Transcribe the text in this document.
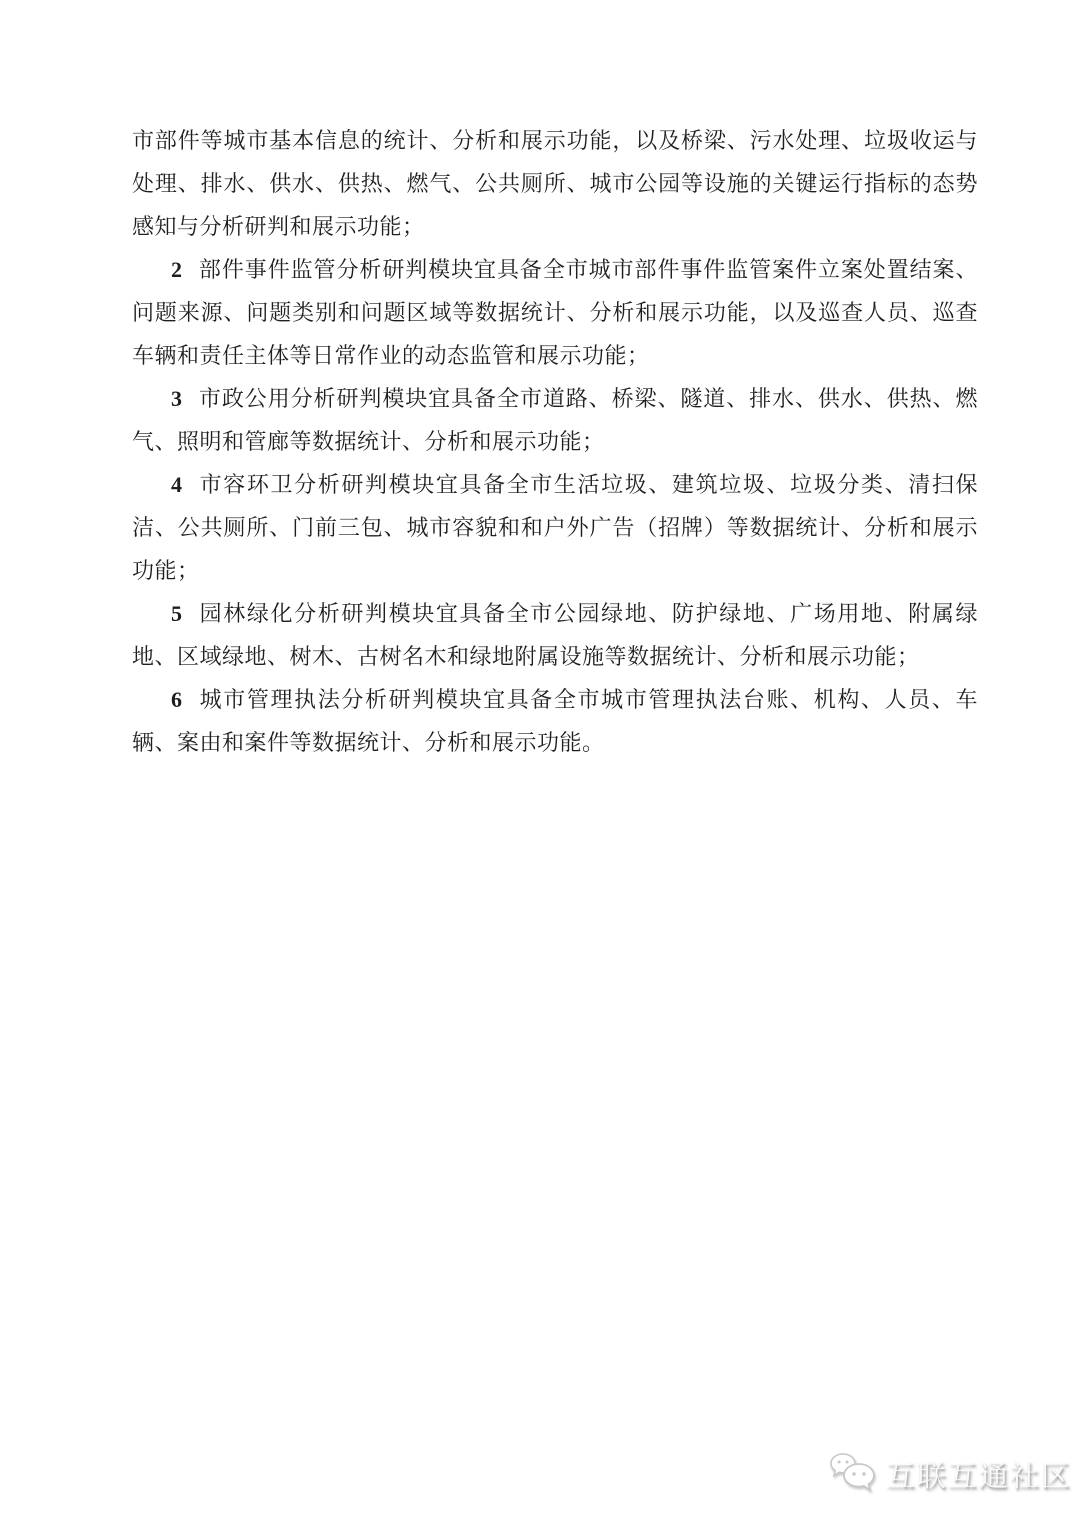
市部件等城市基本信息的统计、分析和展示功能，以及桥梁、污水处理、垃圾收运与处理、排水、供水、供热、燃气、公共厕所、城市公园等设施的关键运行指标的态势感知与分析研判和展示功能；

2 部件事件监管分析研判模块宜具备全市城市部件事件监管案件立案处置结案、问题来源、问题类别和问题区域等数据统计、分析和展示功能，以及巡查人员、巡查车辆和责任主体等日常作业的动态监管和展示功能；

3 市政公用分析研判模块宜具备全市道路、桥梁、隧道、排水、供水、供热、燃气、照明和管廊等数据统计、分析和展示功能；

4 市容环卫分析研判模块宜具备全市生活垃圾、建筑垃圾、垃圾分类、清扫保洁、公共厕所、门前三包、城市容貌和和户外广告（招牌）等数据统计、分析和展示功能；

5 园林绿化分析研判模块宜具备全市公园绿地、防护绿地、广场用地、附属绿地、区域绿地、树木、古树名木和绿地附属设施等数据统计、分析和展示功能；

6 城市管理执法分析研判模块宜具备全市城市管理执法台账、机构、人员、车辆、案由和案件等数据统计、分析和展示功能。

互联互通社区
